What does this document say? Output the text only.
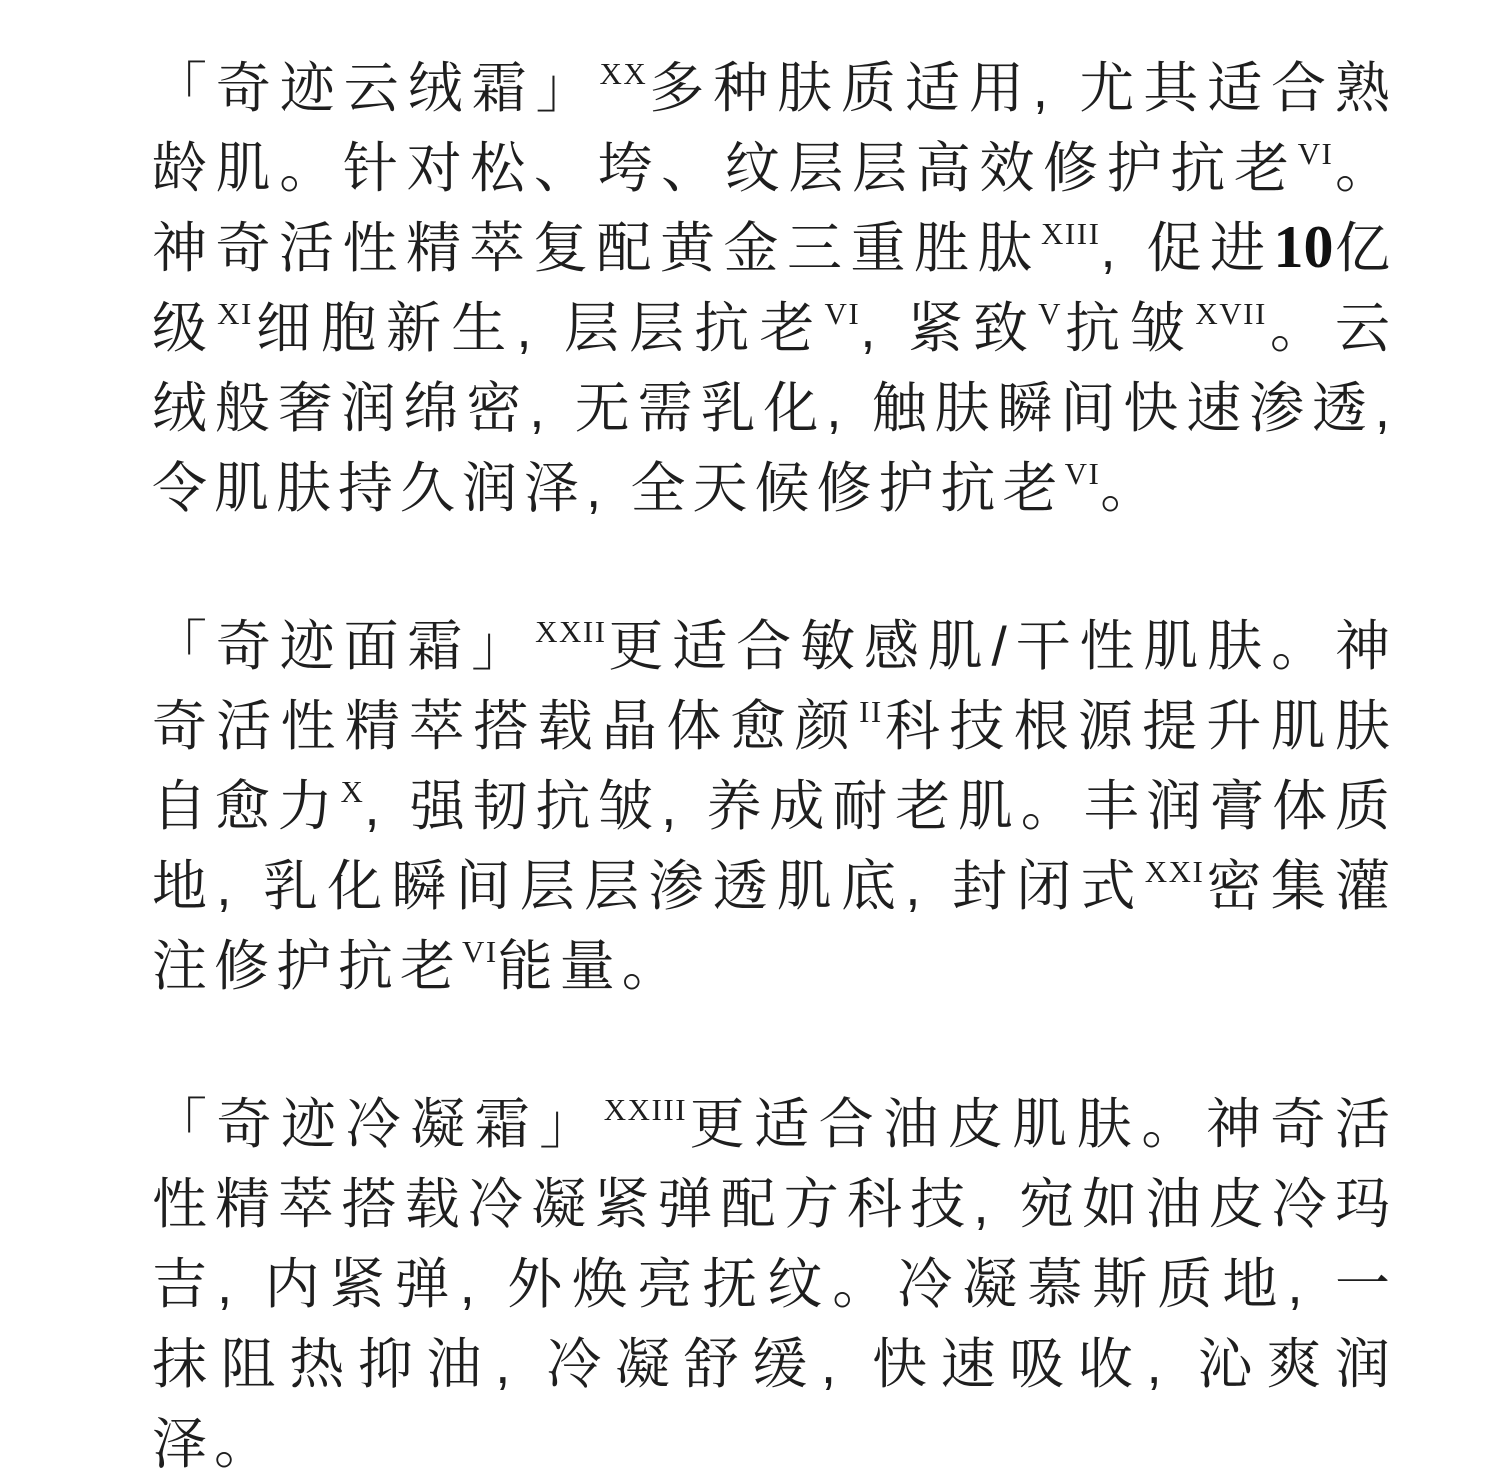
「奇迹云绒霜」$^{XX}$多种肤质适用, 尤其适合熟龄肌。针对松、垮、纹层层高效修护抗老$^{VI}$。神奇活性精萃复配黄金三重胜肽$^{XIII}$, 促进10亿级$^{XI}$细胞新生, 层层抗老$^{VI}$, 紧致$^V$抗皱$^{XVII}$。云绒般奢润绵密, 无需乳化, 触肤瞬间快速渗透, 令肌肤持久润泽, 全天候修护抗老$^{VI}$。

「奇迹面霜」$^{XXII}$更适合敏感肌/干性肌肤。神奇活性精萃搭载晶体愈颜$^{II}$科技根源提升肌肤自愈力$^X$, 强韧抗皱, 养成耐老肌。丰润膏体质地, 乳化瞬间层层渗透肌底, 封闭式$^{XXI}$密集灌注修护抗老$^{VI}$能量。

「奇迹冷凝霜」$^{XXIII}$更适合油皮肌肤。神奇活性精萃搭载冷凝紧弹配方科技, 宛如油皮冷玛吉, 内紧弹, 外焕亮抚纹。冷凝慕斯质地, 一抹阻热抑油, 冷凝舒缓, 快速吸收, 沁爽润泽。
